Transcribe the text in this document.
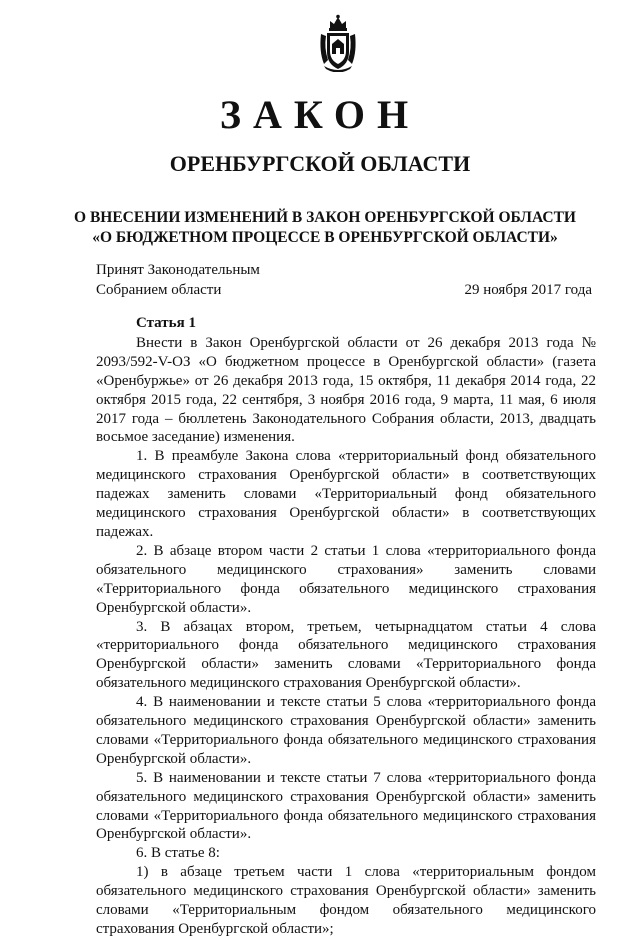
ЗАКОН
ОРЕНБУРГСКОЙ ОБЛАСТИ
О ВНЕСЕНИИ ИЗМЕНЕНИЙ В ЗАКОН ОРЕНБУРГСКОЙ ОБЛАСТИ
«О БЮДЖЕТНОМ ПРОЦЕССЕ В ОРЕНБУРГСКОЙ ОБЛАСТИ»
Принят Законодательным
Собранием области	29 ноября 2017 года

Статья 1

Внести в Закон Оренбургской области от 26 декабря 2013 года № 2093/592-V-ОЗ «О бюджетном процессе в Оренбургской области» (газета «Оренбуржье» от 26 декабря 2013 года, 15 октября, 11 декабря 2014 года, 22 октября 2015 года, 22 сентября, 3 ноября 2016 года, 9 марта, 11 мая, 6 июля 2017 года – бюллетень Законодательного Собрания области, 2013, двадцать восьмое заседание) изменения.

1. В преамбуле Закона слова «территориальный фонд обязательного медицинского страхования Оренбургской области» в соответствующих падежах заменить словами «Территориальный фонд обязательного медицинского страхования Оренбургской области» в соответствующих падежах.

2. В абзаце втором части 2 статьи 1 слова «территориального фонда обязательного медицинского страхования» заменить словами «Территориального фонда обязательного медицинского страхования Оренбургской области».

3. В абзацах втором, третьем, четырнадцатом статьи 4 слова «территориального фонда обязательного медицинского страхования Оренбургской области» заменить словами «Территориального фонда обязательного медицинского страхования Оренбургской области».

4. В наименовании и тексте статьи 5 слова «территориального фонда обязательного медицинского страхования Оренбургской области» заменить словами «Территориального фонда обязательного медицинского страхования Оренбургской области».

5. В наименовании и тексте статьи 7 слова «территориального фонда обязательного медицинского страхования Оренбургской области» заменить словами «Территориального фонда обязательного медицинского страхования Оренбургской области».

6. В статье 8:

1) в абзаце третьем части 1 слова «территориальным фондом обязательного медицинского страхования Оренбургской области» заменить словами «Территориальным фондом обязательного медицинского страхования Оренбургской области»;
